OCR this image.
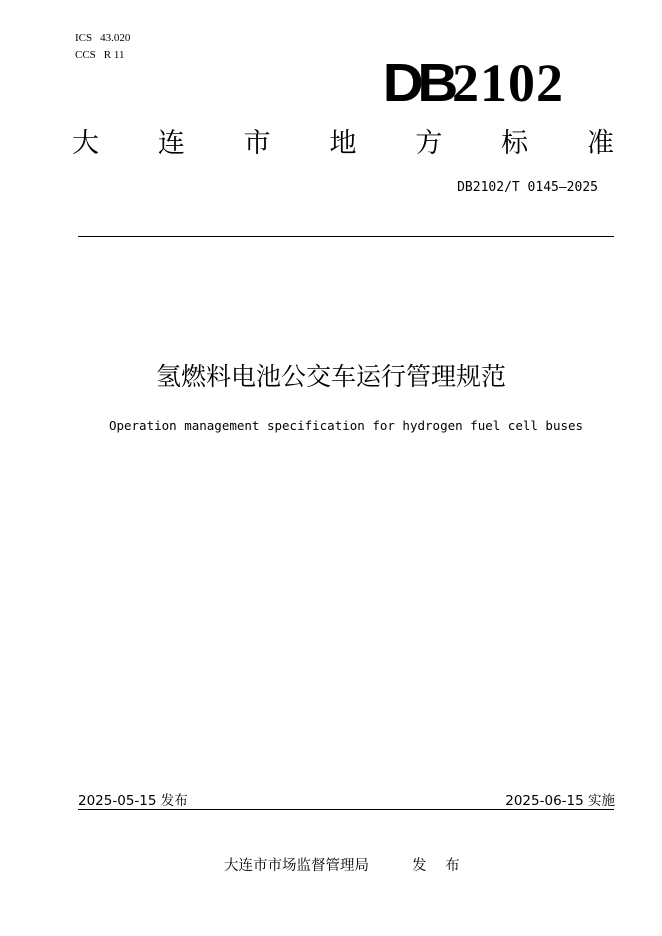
ICS 43.020
CCS R 11	DB 2102
大 连 市 地 方 标 准
DB2102/T 0145—2025
氢燃料电池公交车运行管理规范
Operation management specification for hydrogen fuel cell buses
2025-05-15 发布	2025-06-15 实施
大连市市场监督管理局	发 布
